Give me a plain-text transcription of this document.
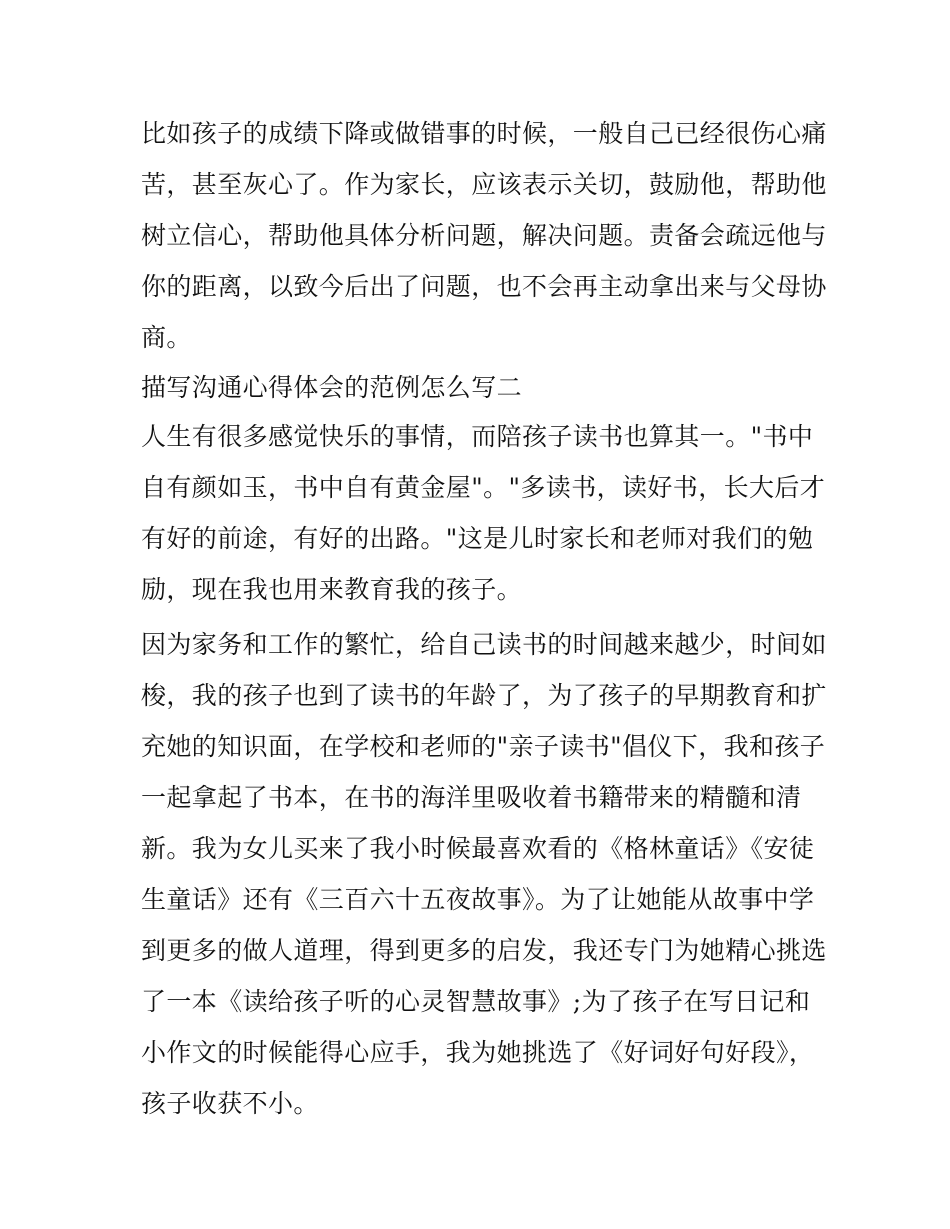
比如孩子的成绩下降或做错事的时候，一般自己已经很伤心痛
苦，甚至灰心了。作为家长，应该表示关切，鼓励他，帮助他
树立信心，帮助他具体分析问题，解决问题。责备会疏远他与
你的距离，以致今后出了问题，也不会再主动拿出来与父母协
商。
描写沟通心得体会的范例怎么写二
人生有很多感觉快乐的事情，而陪孩子读书也算其一。"书中
自有颜如玉，书中自有黄金屋"。"多读书，读好书，长大后才
有好的前途，有好的出路。"这是儿时家长和老师对我们的勉
励，现在我也用来教育我的孩子。
因为家务和工作的繁忙，给自己读书的时间越来越少，时间如
梭，我的孩子也到了读书的年龄了，为了孩子的早期教育和扩
充她的知识面，在学校和老师的"亲子读书"倡仪下，我和孩子
一起拿起了书本，在书的海洋里吸收着书籍带来的精髓和清
新。我为女儿买来了我小时候最喜欢看的《格林童话》《安徒
生童话》还有《三百六十五夜故事》。为了让她能从故事中学
到更多的做人道理，得到更多的启发，我还专门为她精心挑选
了一本《读给孩子听的心灵智慧故事》;为了孩子在写日记和
小作文的时候能得心应手，我为她挑选了《好词好句好段》，
孩子收获不小。
